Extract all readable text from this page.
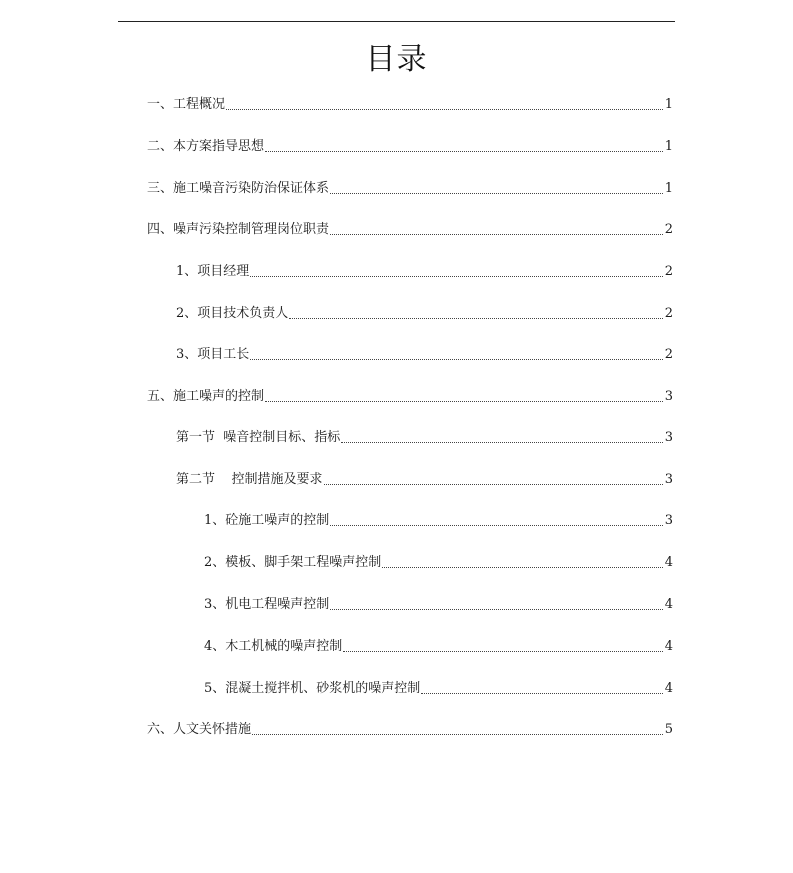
目录
一、工程概况	1
二、本方案指导思想	1
三、施工噪音污染防治保证体系	1
四、噪声污染控制管理岗位职责	2
1、项目经理	2
2、项目技术负责人	2
3、项目工长	2
五、施工噪声的控制	3
第一节  噪音控制目标、指标	3
第二节    控制措施及要求	3
1、砼施工噪声的控制	3
2、模板、脚手架工程噪声控制	4
3、机电工程噪声控制	4
4、木工机械的噪声控制	4
5、混凝土搅拌机、砂浆机的噪声控制	4
六、人文关怀措施	5
